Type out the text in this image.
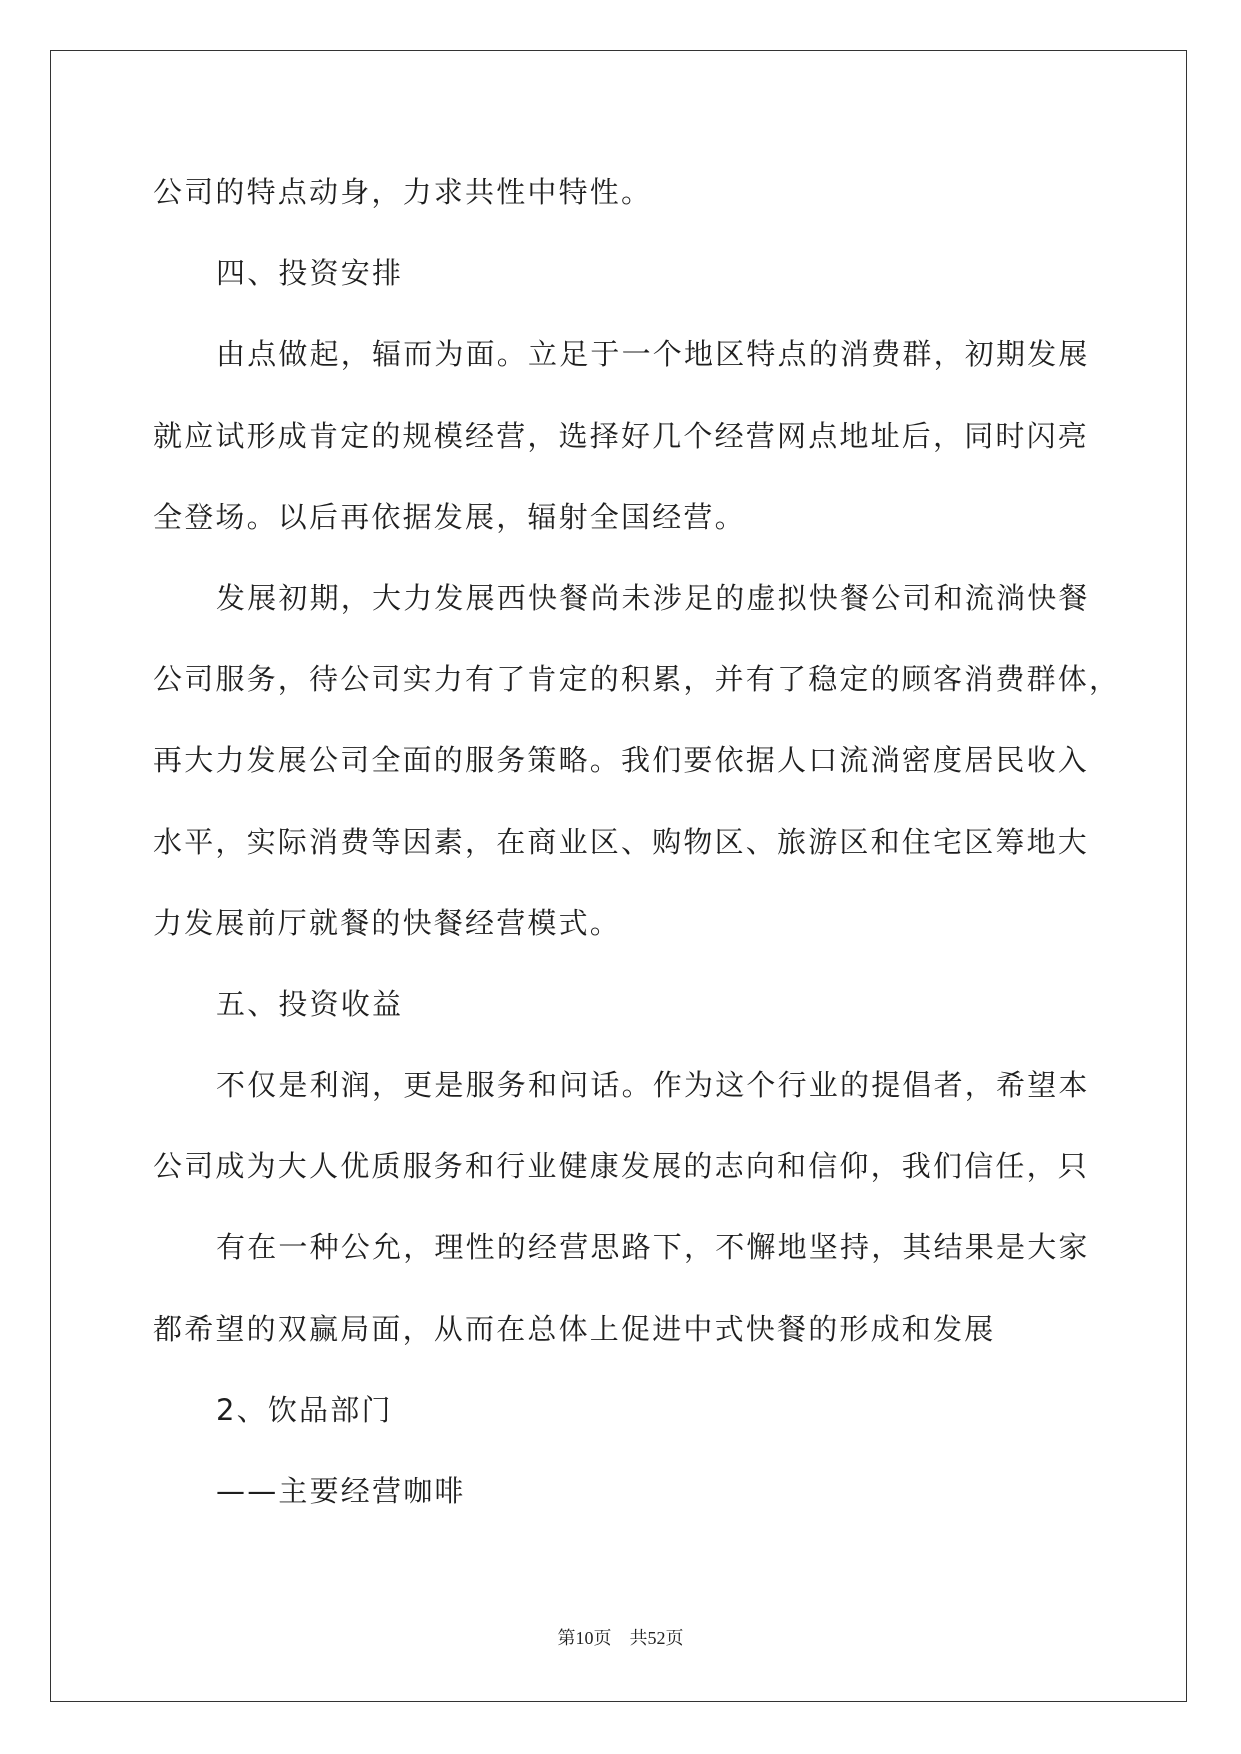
公司的特点动身，力求共性中特性。
四、投资安排
由点做起，辐而为面。立足于一个地区特点的消费群，初期发展
就应试形成肯定的规模经营，选择好几个经营网点地址后，同时闪亮
全登场。以后再依据发展，辐射全国经营。
发展初期，大力发展西快餐尚未涉足的虚拟快餐公司和流淌快餐
公司服务，待公司实力有了肯定的积累，并有了稳定的顾客消费群体，
再大力发展公司全面的服务策略。我们要依据人口流淌密度居民收入
水平，实际消费等因素，在商业区、购物区、旅游区和住宅区筹地大
力发展前厅就餐的快餐经营模式。
五、投资收益
不仅是利润，更是服务和问话。作为这个行业的提倡者，希望本
公司成为大人优质服务和行业健康发展的志向和信仰，我们信任，只
有在一种公允，理性的经营思路下，不懈地坚持，其结果是大家
都希望的双赢局面，从而在总体上促进中式快餐的形成和发展
2、饮品部门
——主要经营咖啡
第10页 共52页
